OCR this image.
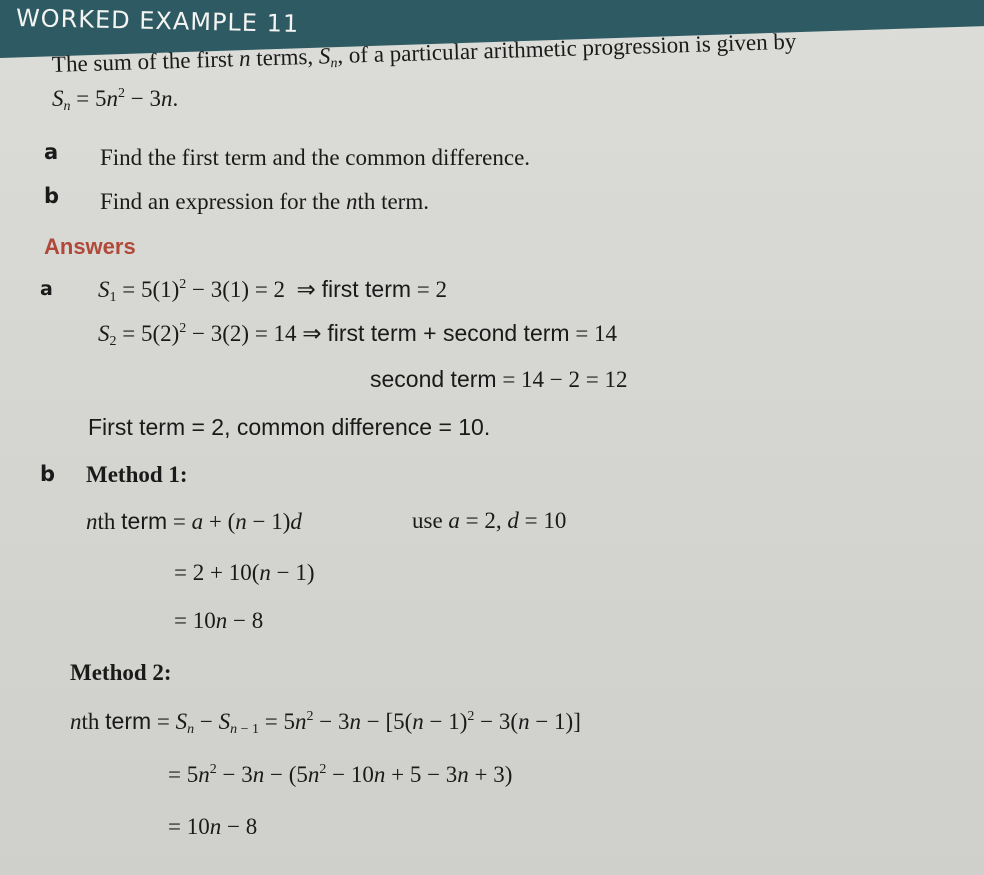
WORKED EXAMPLE 11
The sum of the first n terms, $S_n$, of a particular arithmetic progression is given by
$S_n = 5n^2 - 3n$.
a Find the first term and the common difference.
b Find an expression for the nth term.
Answers
a $S_1 = 5(1)^2 - 3(1) = 2$  ⇒ first term = 2
$S_2 = 5(2)^2 - 3(2) = 14$ ⇒ first term + second term = 14
second term = 14 − 2 = 12
First term = 2, common difference = 10.
b Method 1:
nth term = a + (n − 1)d	use a = 2, d = 10
= 2 + 10(n − 1)
= 10n − 8
Method 2:
nth term = $S_n - S_{n - 1} = 5n^2 - 3n - [5(n - 1)^2 - 3(n - 1)]$
= $5n^2 - 3n - (5n^2 - 10n + 5 - 3n + 3)$
= 10n − 8
